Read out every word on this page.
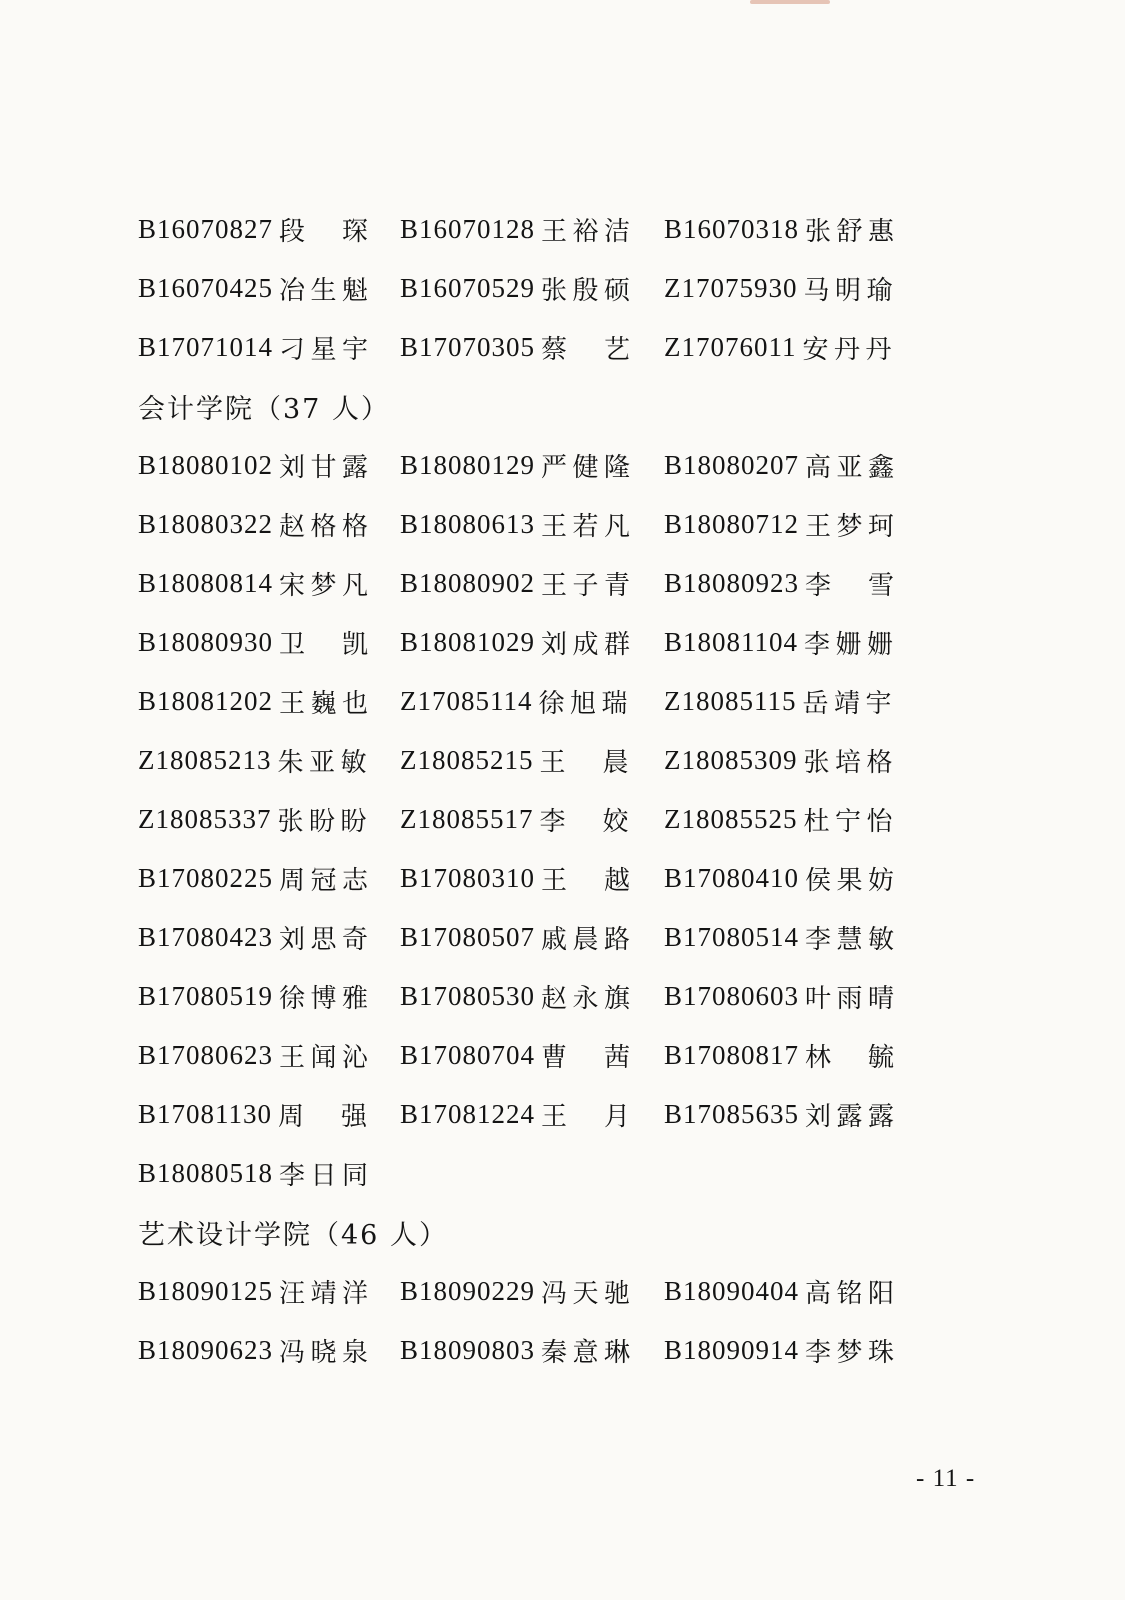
B16070827 段　琛 B16070128 王裕洁 B16070318 张舒惠
B16070425 冶生魁 B16070529 张殷硕 Z17075930 马明瑜
B17071014 刁星宇 B17070305 蔡　艺 Z17076011 安丹丹
会计学院（37 人）
B18080102 刘甘露 B18080129 严健隆 B18080207 高亚鑫
B18080322 赵格格 B18080613 王若凡 B18080712 王梦珂
B18080814 宋梦凡 B18080902 王子青 B18080923 李　雪
B18080930 卫　凯 B18081029 刘成群 B18081104 李姗姗
B18081202 王巍也 Z17085114 徐旭瑞 Z18085115 岳靖宇
Z18085213 朱亚敏 Z18085215 王　晨 Z18085309 张培格
Z18085337 张盼盼 Z18085517 李　姣 Z18085525 杜宁怡
B17080225 周冠志 B17080310 王　越 B17080410 侯果妨
B17080423 刘思奇 B17080507 戚晨路 B17080514 李慧敏
B17080519 徐博雅 B17080530 赵永旗 B17080603 叶雨晴
B17080623 王闻沁 B17080704 曹　茜 B17080817 林　毓
B17081130 周　强 B17081224 王　月 B17085635 刘露露
B18080518 李日同
艺术设计学院（46 人）
B18090125 汪靖洋 B18090229 冯天驰 B18090404 高铭阳
B18090623 冯晓泉 B18090803 秦意琳 B18090914 李梦珠
- 11 -
